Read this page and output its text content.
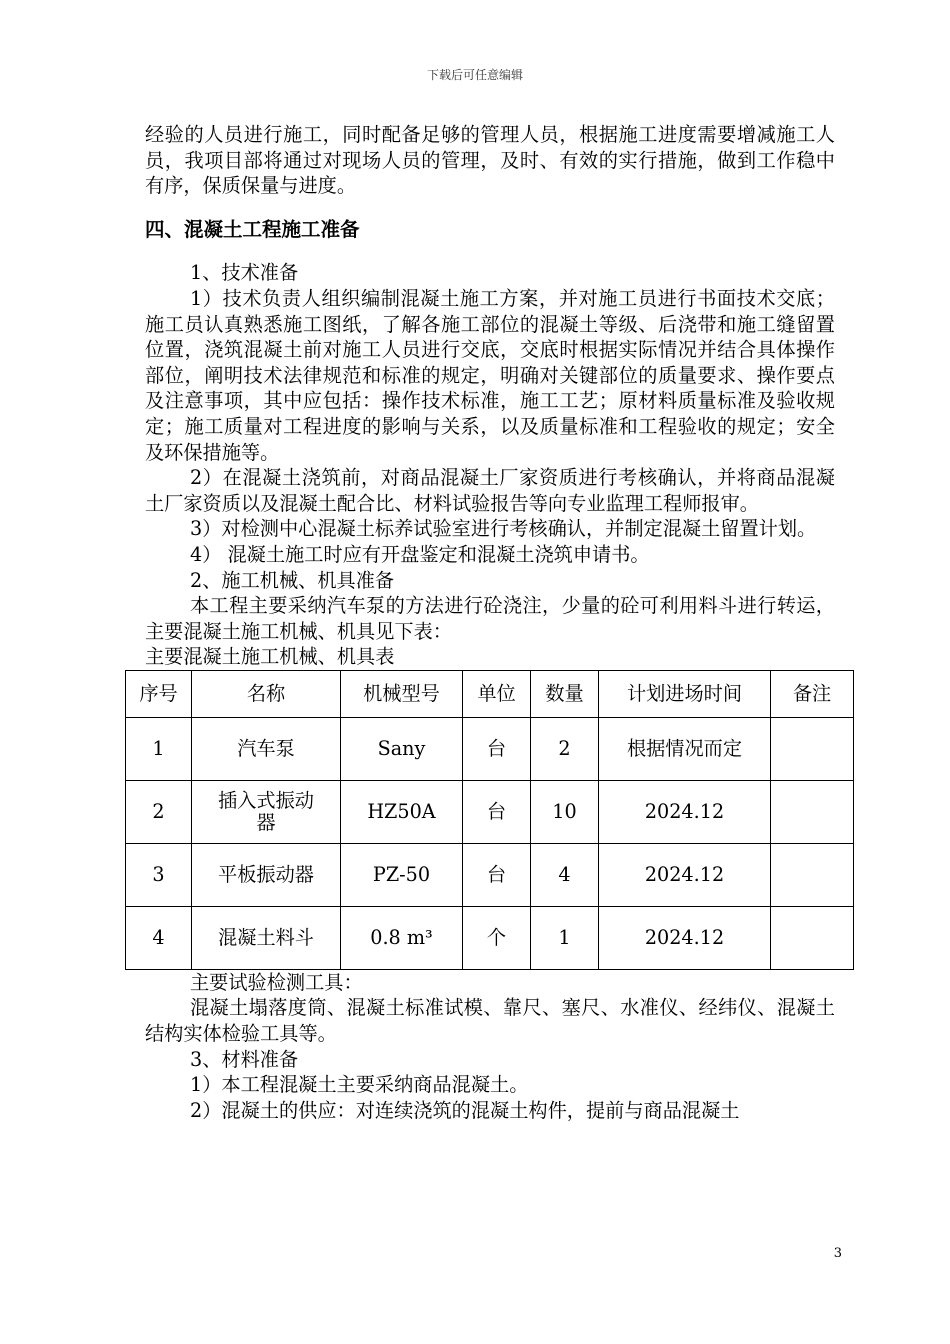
下载后可任意编辑

经验的人员进行施工，同时配备足够的管理人员，根据施工进度需要增减施工人员，我项目部将通过对现场人员的管理，及时、有效的实行措施，做到工作稳中有序，保质保量与进度。

四、混凝土工程施工准备

1、技术准备

1）技术负责人组织编制混凝土施工方案，并对施工员进行书面技术交底；施工员认真熟悉施工图纸，了解各施工部位的混凝土等级、后浇带和施工缝留置位置，浇筑混凝土前对施工人员进行交底，交底时根据实际情况并结合具体操作部位，阐明技术法律规范和标准的规定，明确对关键部位的质量要求、操作要点及注意事项，其中应包括：操作技术标准，施工工艺；原材料质量标准及验收规定；施工质量对工程进度的影响与关系，以及质量标准和工程验收的规定；安全及环保措施等。

2）在混凝土浇筑前，对商品混凝土厂家资质进行考核确认，并将商品混凝土厂家资质以及混凝土配合比、材料试验报告等向专业监理工程师报审。

3）对检测中心混凝土标养试验室进行考核确认，并制定混凝土留置计划。

4） 混凝土施工时应有开盘鉴定和混凝土浇筑申请书。

2、施工机械、机具准备

本工程主要采纳汽车泵的方法进行砼浇注，少量的砼可利用料斗进行转运，主要混凝土施工机械、机具见下表：

主要混凝土施工机械、机具表

序号	名称	机械型号	单位	数量	计划进场时间	备注
1	汽车泵	Sany	台	2	根据情况而定	
2	插入式振动器	HZ50A	台	10	2024.12	
3	平板振动器	PZ-50	台	4	2024.12	
4	混凝土料斗	0.8 m³	个	1	2024.12	

主要试验检测工具：

混凝土塌落度筒、混凝土标准试模、靠尺、塞尺、水准仪、经纬仪、混凝土结构实体检验工具等。

3、材料准备

1）本工程混凝土主要采纳商品混凝土。

2）混凝土的供应：对连续浇筑的混凝土构件，提前与商品混凝土

3
